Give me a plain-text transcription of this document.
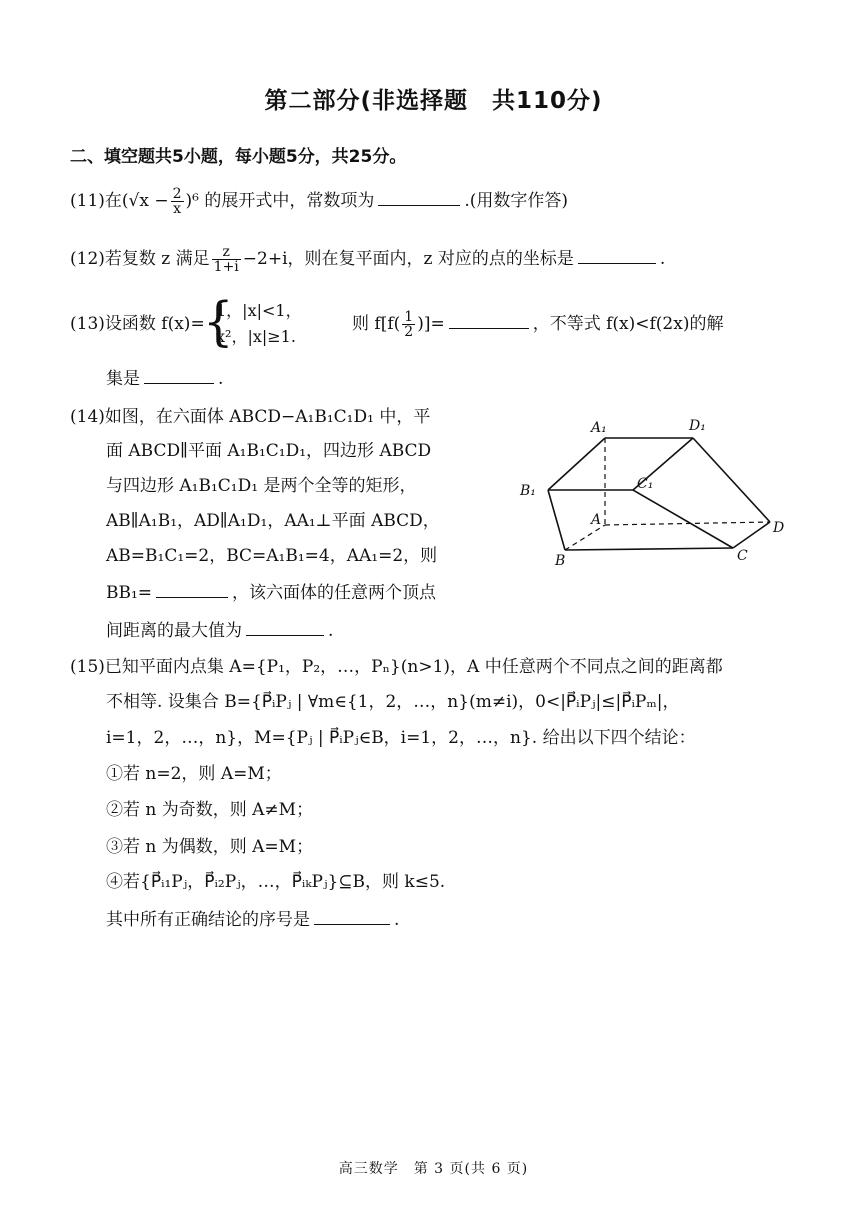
第二部分(非选择题　共110分)
二、填空题共5小题，每小题5分，共25分。
(11)在$(√x - \frac{2}{x} )^6$ 的展开式中，常数项为	.(用数字作答)
(12)若复数 z 满足 $\frac{z}{1+i} -2+i$，则在复平面内，z 对应的点的坐标是	.
(13)设函数 f(x)=
{
1，|x|<1，
x²，|x|≥1.
则 $f[f( \frac{1}{2}$ )]=	，不等式 f(x)<f(2x)的解
集是	.
(14)如图，在六面体 ABCD−A₁B₁C₁D₁ 中，平
面 ABCD∥平面 A₁B₁C₁D₁，四边形 ABCD
与四边形 A₁B₁C₁D₁ 是两个全等的矩形，
AB∥A₁B₁，AD∥A₁D₁，AA₁⊥平面 ABCD，
AB=B₁C₁=2，BC=A₁B₁=4，AA₁=2，则
BB₁=	，该六面体的任意两个顶点
间距离的最大值为	.
A₁	D₁
B₁	C₁
A
B	C
D
(15)已知平面内点集 A={P₁，P₂，…，Pₙ}(n>1)，A 中任意两个不同点之间的距离都
不相等. 设集合 B={P⃗ᵢPⱼ | ∀m∈{1，2，…，n}(m≠i)，0<|P⃗ᵢPⱼ|≤|P⃗ᵢPₘ|，
i=1，2，…，n}，M={Pⱼ | P⃗ᵢPⱼ∈B，i=1，2，…，n}. 给出以下四个结论：
①若 n=2，则 A=M；
②若 n 为奇数，则 A≠M；
③若 n 为偶数，则 A=M；
④若{P⃗ᵢ₁Pⱼ，P⃗ᵢ₂Pⱼ，…，P⃗ᵢₖPⱼ}⊆B，则 k≤5.
其中所有正确结论的序号是	.
高三数学　第 3 页(共 6 页)
